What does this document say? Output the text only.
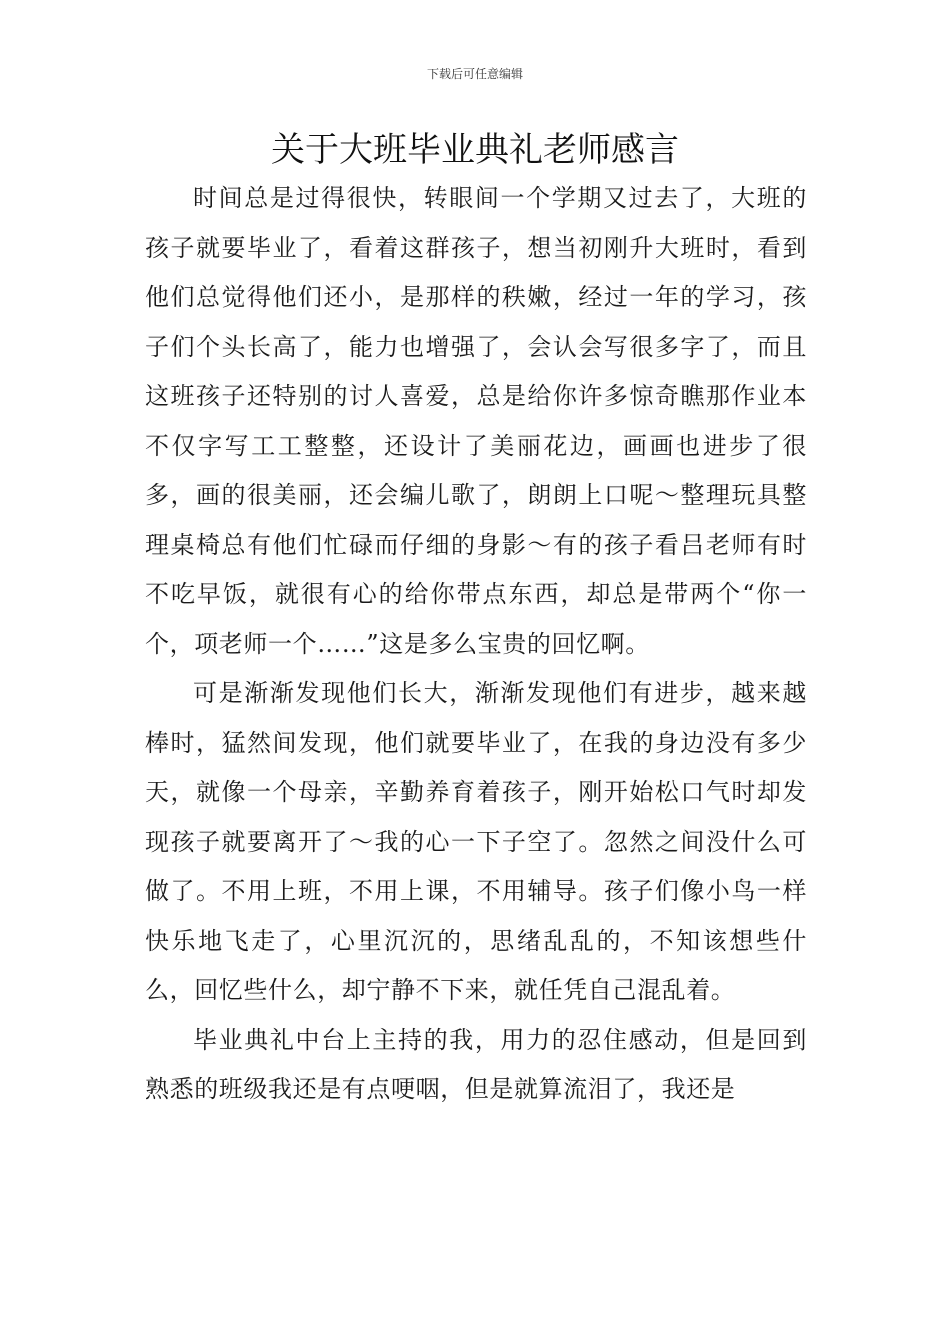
下载后可任意编辑
关于大班毕业典礼老师感言

时间总是过得很快，转眼间一个学期又过去了，大班的孩子就要毕业了，看着这群孩子，想当初刚升大班时，看到他们总觉得他们还小，是那样的秩嫩，经过一年的学习，孩子们个头长高了，能力也增强了，会认会写很多字了，而且这班孩子还特别的讨人喜爱，总是给你许多惊奇瞧那作业本不仅字写工工整整，还设计了美丽花边，画画也进步了很多，画的很美丽，还会编儿歌了，朗朗上口呢～整理玩具整理桌椅总有他们忙碌而仔细的身影～有的孩子看吕老师有时不吃早饭，就很有心的给你带点东西，却总是带两个“你一个，项老师一个……”这是多么宝贵的回忆啊。

可是渐渐发现他们长大，渐渐发现他们有进步，越来越棒时，猛然间发现，他们就要毕业了，在我的身边没有多少天，就像一个母亲，辛勤养育着孩子，刚开始松口气时却发现孩子就要离开了～我的心一下子空了。忽然之间没什么可做了。不用上班，不用上课，不用辅导。孩子们像小鸟一样快乐地飞走了，心里沉沉的，思绪乱乱的，不知该想些什么，回忆些什么，却宁静不下来，就任凭自己混乱着。

毕业典礼中台上主持的我，用力的忍住感动，但是回到熟悉的班级我还是有点哽咽，但是就算流泪了，我还是
